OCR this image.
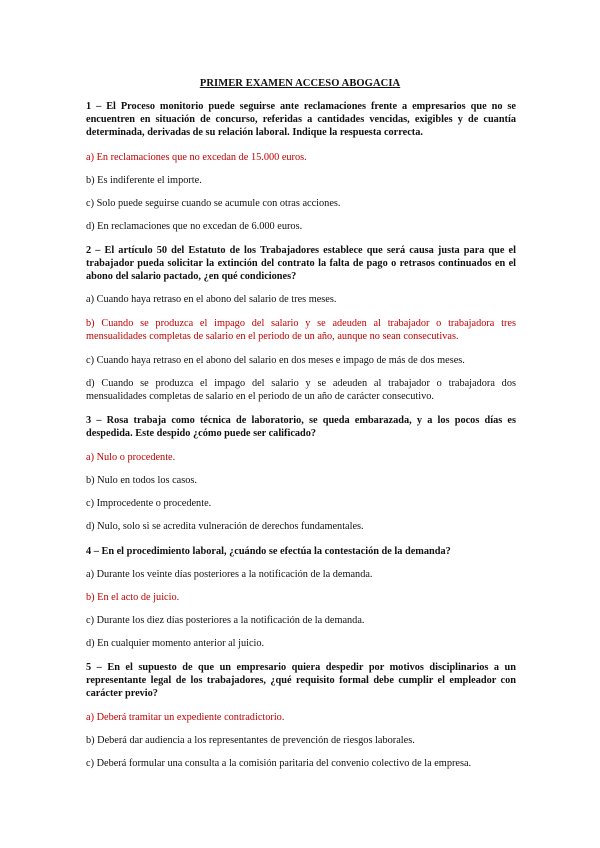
PRIMER EXAMEN ACCESO ABOGACIA
1 – El Proceso monitorio puede seguirse ante reclamaciones frente a empresarios que no se encuentren en situación de concurso, referidas a cantidades vencidas, exigibles y de cuantía determinada, derivadas de su relación laboral. Indique la respuesta correcta.
a) En reclamaciones que no excedan de 15.000 euros.
b) Es indiferente el importe.
c) Solo puede seguirse cuando se acumule con otras acciones.
d) En reclamaciones que no excedan de 6.000 euros.
2 – El artículo 50 del Estatuto de los Trabajadores establece que será causa justa para que el trabajador pueda solicitar la extinción del contrato la falta de pago o retrasos continuados en el abono del salario pactado, ¿en qué condiciones?
a) Cuando haya retraso en el abono del salario de tres meses.
b) Cuando se produzca el impago del salario y se adeuden al trabajador o trabajadora tres mensualidades completas de salario en el periodo de un año, aunque no sean consecutivas.
c) Cuando haya retraso en el abono del salario en dos meses e impago de más de dos meses.
d) Cuando se produzca el impago del salario y se adeuden al trabajador o trabajadora dos mensualidades completas de salario en el periodo de un año de carácter consecutivo.
3 – Rosa trabaja como técnica de laboratorio, se queda embarazada, y a los pocos días es despedida. Este despido ¿cómo puede ser calificado?
a) Nulo o procedente.
b) Nulo en todos los casos.
c) Improcedente o procedente.
d) Nulo, solo si se acredita vulneración de derechos fundamentales.
4 – En el procedimiento laboral, ¿cuándo se efectúa la contestación de la demanda?
a) Durante los veinte días posteriores a la notificación de la demanda.
b) En el acto de juicio.
c) Durante los diez días posteriores a la notificación de la demanda.
d) En cualquier momento anterior al juicio.
5 – En el supuesto de que un empresario quiera despedir por motivos disciplinarios a un representante legal de los trabajadores, ¿qué requisito formal debe cumplir el empleador con carácter previo?
a) Deberá tramitar un expediente contradictorio.
b) Deberá dar audiencia a los representantes de prevención de riesgos laborales.
c) Deberá formular una consulta a la comisión paritaria del convenio colectivo de la empresa.
